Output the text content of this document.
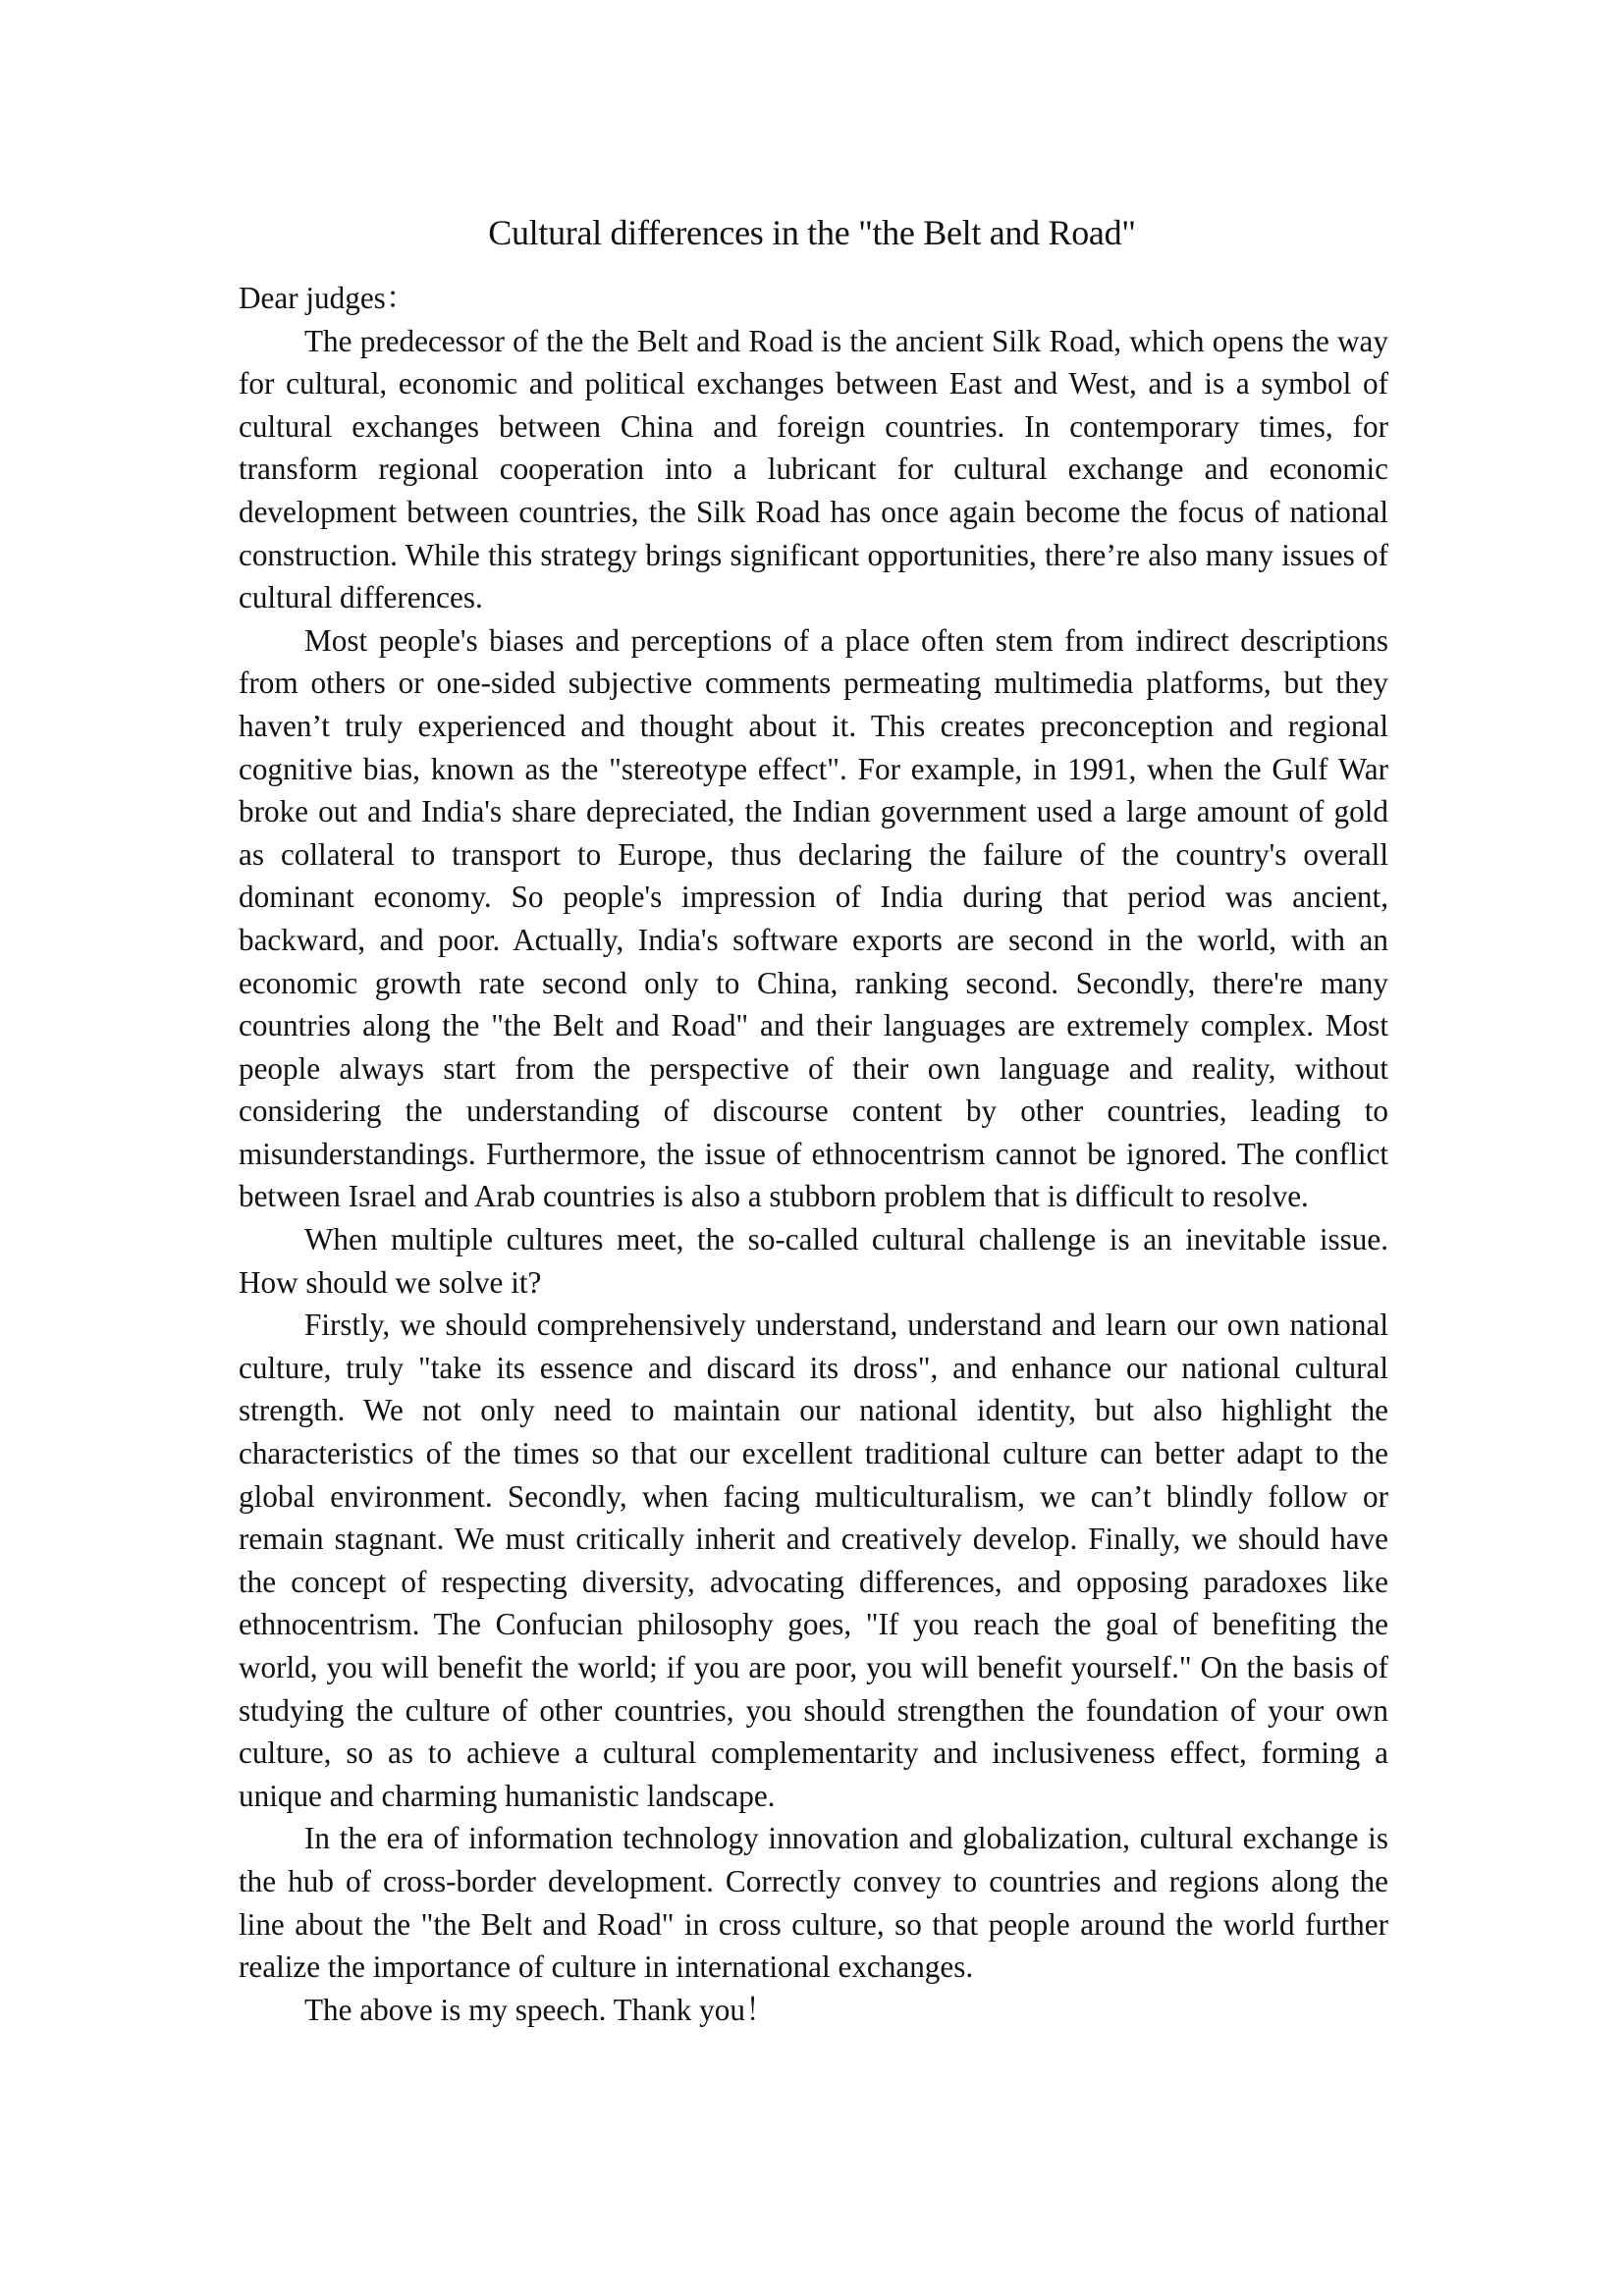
Cultural differences in the "the Belt and Road"

Dear judges：

The predecessor of the the Belt and Road is the ancient Silk Road, which opens the way for cultural, economic and political exchanges between East and West, and is a symbol of cultural exchanges between China and foreign countries. In contemporary times, for transform regional cooperation into a lubricant for cultural exchange and economic development between countries, the Silk Road has once again become the focus of national construction. While this strategy brings significant opportunities, there’re also many issues of cultural differences.

Most people's biases and perceptions of a place often stem from indirect descriptions from others or one-sided subjective comments permeating multimedia platforms, but they haven’t truly experienced and thought about it. This creates preconception and regional cognitive bias, known as the "stereotype effect". For example, in 1991, when the Gulf War broke out and India's share depreciated, the Indian government used a large amount of gold as collateral to transport to Europe, thus declaring the failure of the country's overall dominant economy. So people's impression of India during that period was ancient, backward, and poor. Actually, India's software exports are second in the world, with an economic growth rate second only to China, ranking second. Secondly, there're many countries along the "the Belt and Road" and their languages are extremely complex. Most people always start from the perspective of their own language and reality, without considering the understanding of discourse content by other countries, leading to misunderstandings. Furthermore, the issue of ethnocentrism cannot be ignored. The conflict between Israel and Arab countries is also a stubborn problem that is difficult to resolve.

When multiple cultures meet, the so-called cultural challenge is an inevitable issue. How should we solve it?

Firstly, we should comprehensively understand, understand and learn our own national culture, truly "take its essence and discard its dross", and enhance our national cultural strength. We not only need to maintain our national identity, but also highlight the characteristics of the times so that our excellent traditional culture can better adapt to the global environment. Secondly, when facing multiculturalism, we can’t blindly follow or remain stagnant. We must critically inherit and creatively develop. Finally, we should have the concept of respecting diversity, advocating differences, and opposing paradoxes like ethnocentrism. The Confucian philosophy goes, "If you reach the goal of benefiting the world, you will benefit the world; if you are poor, you will benefit yourself." On the basis of studying the culture of other countries, you should strengthen the foundation of your own culture, so as to achieve a cultural complementarity and inclusiveness effect, forming a unique and charming humanistic landscape.

In the era of information technology innovation and globalization, cultural exchange is the hub of cross-border development. Correctly convey to countries and regions along the line about the "the Belt and Road" in cross culture, so that people around the world further realize the importance of culture in international exchanges.

The above is my speech. Thank you！
